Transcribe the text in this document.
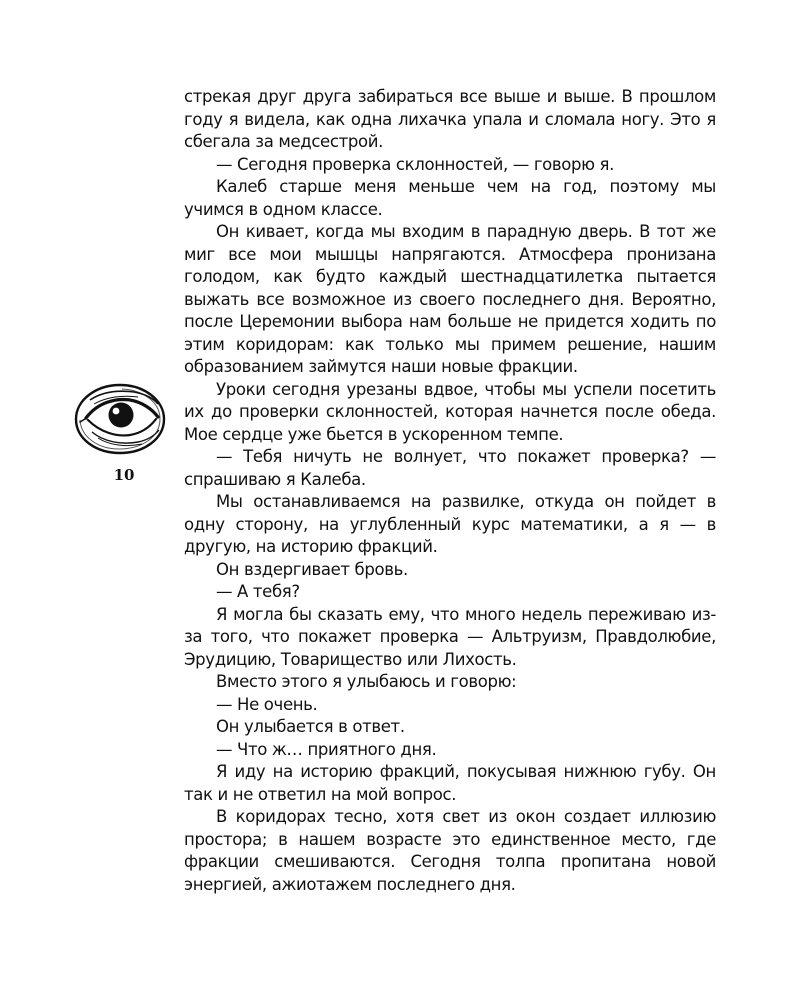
стрекая друг друга забираться все выше и выше. В прошлом году я видела, как одна лихачка упала и сломала ногу. Это я сбегала за медсестрой.

— Сегодня проверка склонностей, — говорю я.

Калеб старше меня меньше чем на год, поэтому мы учимся в одном классе.

Он кивает, когда мы входим в парадную дверь. В тот же миг все мои мышцы напрягаются. Атмосфера пронизана голодом, как будто каждый шестнадцатилетка пытается выжать все возможное из своего последнего дня. Вероятно, после Церемонии выбора нам больше не придется ходить по этим коридорам: как только мы примем решение, нашим образованием займутся наши новые фракции.

Уроки сегодня урезаны вдвое, чтобы мы успели посетить их до проверки склонностей, которая начнется после обеда. Мое сердце уже бьется в ускоренном темпе.

— Тебя ничуть не волнует, что покажет проверка? — спрашиваю я Калеба.

Мы останавливаемся на развилке, откуда он пойдет в одну сторону, на углубленный курс математики, а я — в другую, на историю фракций.

Он вздергивает бровь.

— А тебя?

Я могла бы сказать ему, что много недель переживаю из-за того, что покажет проверка — Альтруизм, Правдолюбие, Эрудицию, Товарищество или Лихость.

Вместо этого я улыбаюсь и говорю:

— Не очень.

Он улыбается в ответ.

— Что ж… приятного дня.

Я иду на историю фракций, покусывая нижнюю губу. Он так и не ответил на мой вопрос.

В коридорах тесно, хотя свет из окон создает иллюзию простора; в нашем возрасте это единственное место, где фракции смешиваются. Сегодня толпа пропитана новой энергией, ажиотажем последнего дня.

10
